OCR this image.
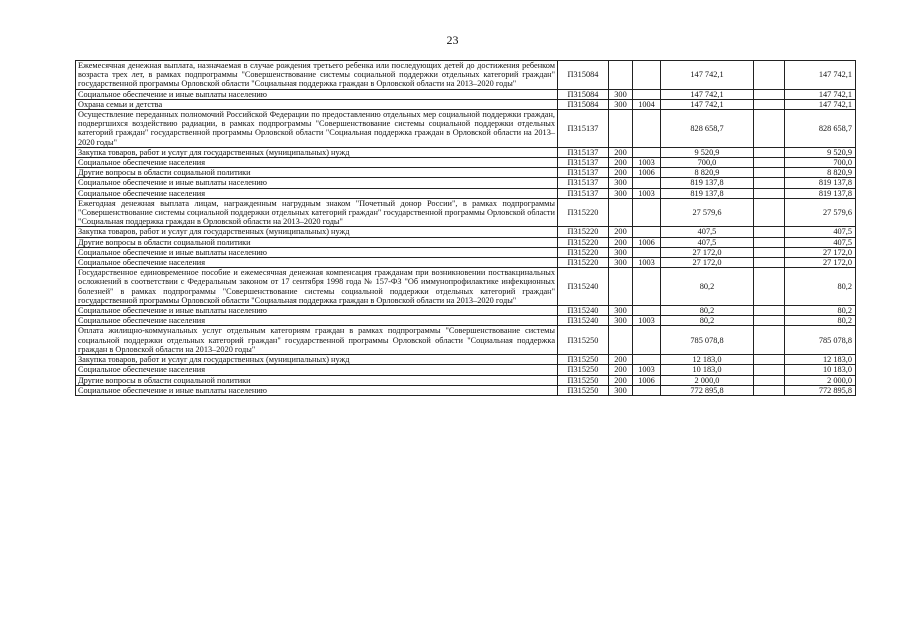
23
Ежемесячная денежная выплата, назначаемая в случае рождения третьего ребенка или последующих детей до достижения ребенком возраста трех лет, в рамках подпрограммы "Совершенствование системы социальной поддержки отдельных категорий граждан" государственной программы Орловской области "Социальная поддержка граждан в Орловской области на 2013–2020 годы"	П315084			147 742,1		147 742,1
Социальное обеспечение и иные выплаты населению	П315084	300		147 742,1		147 742,1
Охрана семьи и детства	П315084	300	1004	147 742,1		147 742,1
Осуществление переданных полномочий Российской Федерации по предоставлению отдельных мер социальной поддержки граждан, подвергшихся воздействию радиации, в рамках подпрограммы "Совершенствование системы социальной поддержки отдельных категорий граждан" государственной программы Орловской области "Социальная поддержка граждан в Орловской области на 2013–2020 годы"	П315137			828 658,7		828 658,7
Закупка товаров, работ и услуг для государственных (муниципальных) нужд	П315137	200		9 520,9		9 520,9
Социальное обеспечение населения	П315137	200	1003	700,0		700,0
Другие вопросы в области социальной политики	П315137	200	1006	8 820,9		8 820,9
Социальное обеспечение и иные выплаты населению	П315137	300		819 137,8		819 137,8
Социальное обеспечение населения	П315137	300	1003	819 137,8		819 137,8
Ежегодная денежная выплата лицам, награжденным нагрудным знаком "Почетный донор России", в рамках подпрограммы "Совершенствование системы социальной поддержки отдельных категорий граждан" государственной программы Орловской области "Социальная поддержка граждан в Орловской области на 2013–2020 годы"	П315220			27 579,6		27 579,6
Закупка товаров, работ и услуг для государственных (муниципальных) нужд	П315220	200		407,5		407,5
Другие вопросы в области социальной политики	П315220	200	1006	407,5		407,5
Социальное обеспечение и иные выплаты населению	П315220	300		27 172,0		27 172,0
Социальное обеспечение населения	П315220	300	1003	27 172,0		27 172,0
Государственное единовременное пособие и ежемесячная денежная компенсация гражданам при возникновении поствакцинальных осложнений в соответствии с Федеральным законом от 17 сентября 1998 года № 157-ФЗ "Об иммунопрофилактике инфекционных болезней" в рамках подпрограммы "Совершенствование системы социальной поддержки отдельных категорий граждан" государственной программы Орловской области "Социальная поддержка граждан в Орловской области на 2013–2020 годы"	П315240			80,2		80,2
Социальное обеспечение и иные выплаты населению	П315240	300		80,2		80,2
Социальное обеспечение населения	П315240	300	1003	80,2		80,2
Оплата жилищно-коммунальных услуг отдельным категориям граждан в рамках подпрограммы "Совершенствование системы социальной поддержки отдельных категорий граждан" государственной программы Орловской области "Социальная поддержка граждан в Орловской области на 2013–2020 годы"	П315250			785 078,8		785 078,8
Закупка товаров, работ и услуг для государственных (муниципальных) нужд	П315250	200		12 183,0		12 183,0
Социальное обеспечение населения	П315250	200	1003	10 183,0		10 183,0
Другие вопросы в области социальной политики	П315250	200	1006	2 000,0		2 000,0
Социальное обеспечение и иные выплаты населению	П315250	300		772 895,8		772 895,8
